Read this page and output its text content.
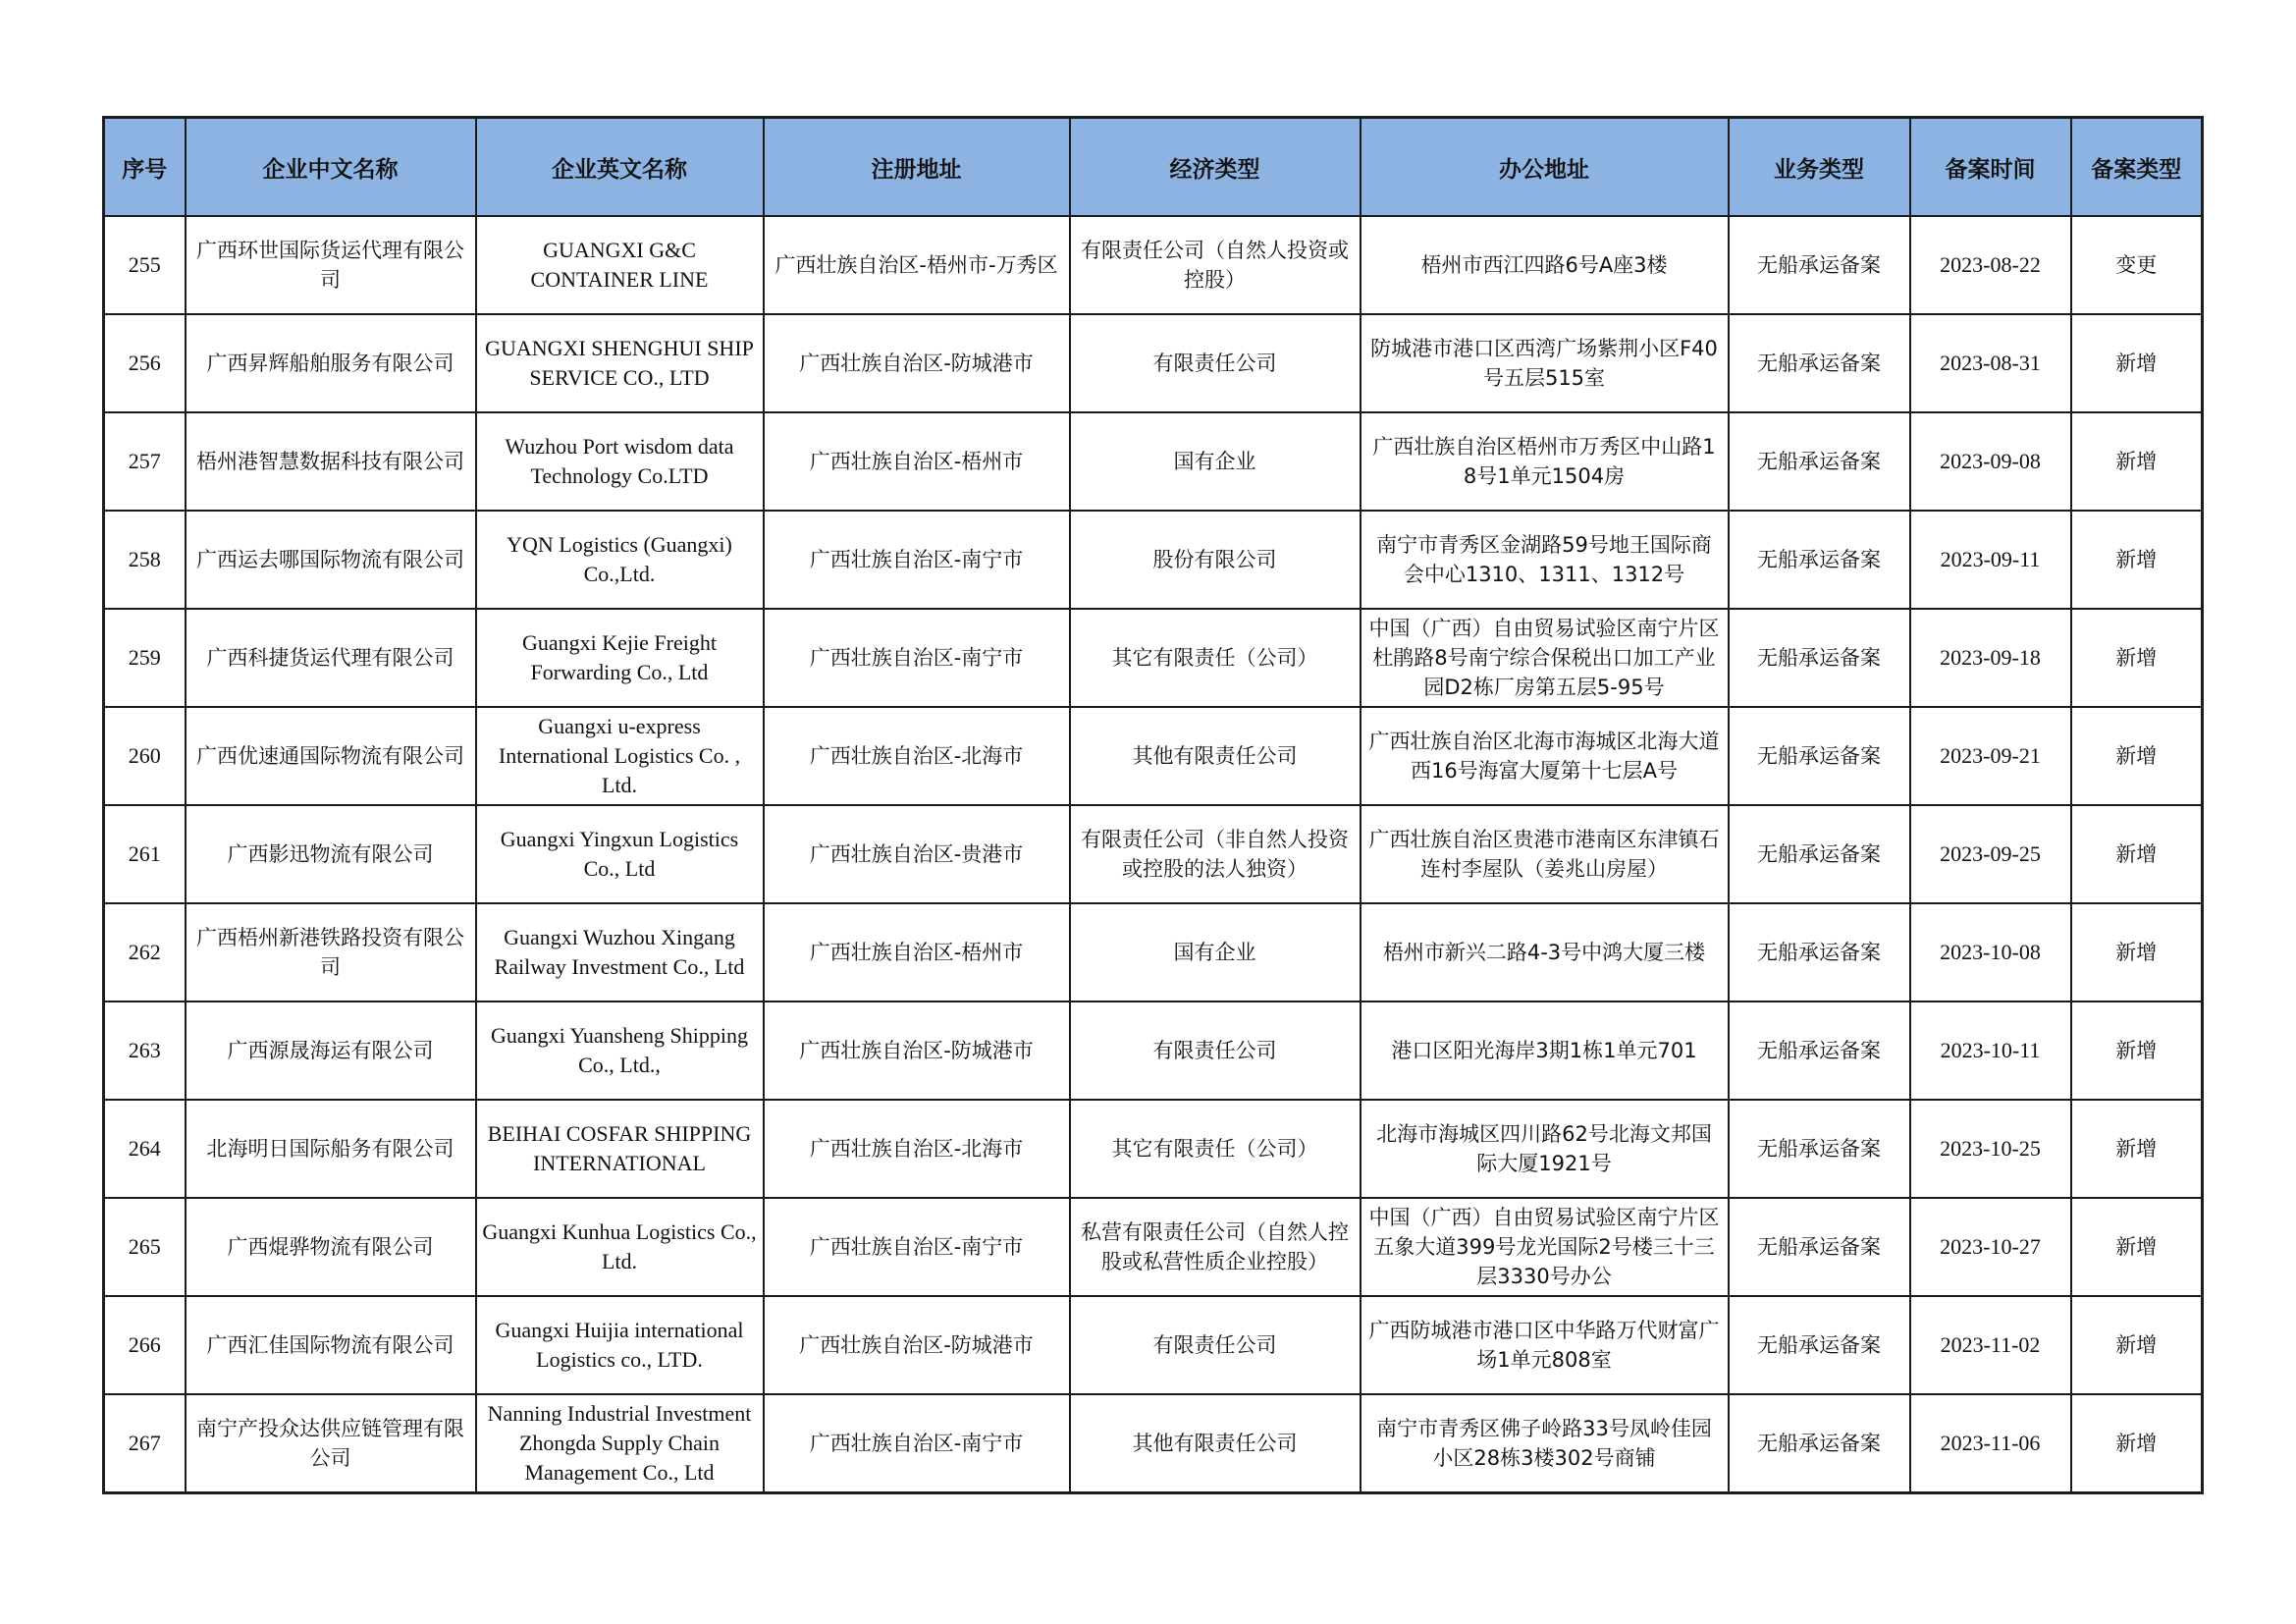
序号	企业中文名称	企业英文名称	注册地址	经济类型	办公地址	业务类型	备案时间	备案类型
255	广西环世国际货运代理有限公司	GUANGXI G&C CONTAINER LINE	广西壮族自治区-梧州市-万秀区	有限责任公司（自然人投资或控股）	梧州市西江四路6号A座3楼	无船承运备案	2023-08-22	变更
256	广西昇辉船舶服务有限公司	GUANGXI SHENGHUI SHIP SERVICE CO., LTD	广西壮族自治区-防城港市	有限责任公司	防城港市港口区西湾广场紫荆小区F40号五层515室	无船承运备案	2023-08-31	新增
257	梧州港智慧数据科技有限公司	Wuzhou Port wisdom data Technology Co.LTD	广西壮族自治区-梧州市	国有企业	广西壮族自治区梧州市万秀区中山路18号1单元1504房	无船承运备案	2023-09-08	新增
258	广西运去哪国际物流有限公司	YQN Logistics (Guangxi) Co.,Ltd.	广西壮族自治区-南宁市	股份有限公司	南宁市青秀区金湖路59号地王国际商会中心1310、1311、1312号	无船承运备案	2023-09-11	新增
259	广西科捷货运代理有限公司	Guangxi Kejie Freight Forwarding Co., Ltd	广西壮族自治区-南宁市	其它有限责任（公司）	中国（广西）自由贸易试验区南宁片区杜鹃路8号南宁综合保税出口加工产业园D2栋厂房第五层5-95号	无船承运备案	2023-09-18	新增
260	广西优速通国际物流有限公司	Guangxi u-express International Logistics Co. , Ltd.	广西壮族自治区-北海市	其他有限责任公司	广西壮族自治区北海市海城区北海大道西16号海富大厦第十七层A号	无船承运备案	2023-09-21	新增
261	广西影迅物流有限公司	Guangxi Yingxun Logistics Co., Ltd	广西壮族自治区-贵港市	有限责任公司（非自然人投资或控股的法人独资）	广西壮族自治区贵港市港南区东津镇石连村李屋队（姜兆山房屋）	无船承运备案	2023-09-25	新增
262	广西梧州新港铁路投资有限公司	Guangxi Wuzhou Xingang Railway Investment Co., Ltd	广西壮族自治区-梧州市	国有企业	梧州市新兴二路4-3号中鸿大厦三楼	无船承运备案	2023-10-08	新增
263	广西源晟海运有限公司	Guangxi Yuansheng Shipping Co., Ltd.,	广西壮族自治区-防城港市	有限责任公司	港口区阳光海岸3期1栋1单元701	无船承运备案	2023-10-11	新增
264	北海明日国际船务有限公司	BEIHAI COSFAR SHIPPING INTERNATIONAL	广西壮族自治区-北海市	其它有限责任（公司）	北海市海城区四川路62号北海文邦国际大厦1921号	无船承运备案	2023-10-25	新增
265	广西焜骅物流有限公司	Guangxi Kunhua Logistics Co., Ltd.	广西壮族自治区-南宁市	私营有限责任公司（自然人控股或私营性质企业控股）	中国（广西）自由贸易试验区南宁片区五象大道399号龙光国际2号楼三十三层3330号办公	无船承运备案	2023-10-27	新增
266	广西汇佳国际物流有限公司	Guangxi Huijia international Logistics co., LTD.	广西壮族自治区-防城港市	有限责任公司	广西防城港市港口区中华路万代财富广场1单元808室	无船承运备案	2023-11-02	新增
267	南宁产投众达供应链管理有限公司	Nanning Industrial Investment Zhongda Supply Chain Management Co., Ltd	广西壮族自治区-南宁市	其他有限责任公司	南宁市青秀区佛子岭路33号凤岭佳园小区28栋3楼302号商铺	无船承运备案	2023-11-06	新增
